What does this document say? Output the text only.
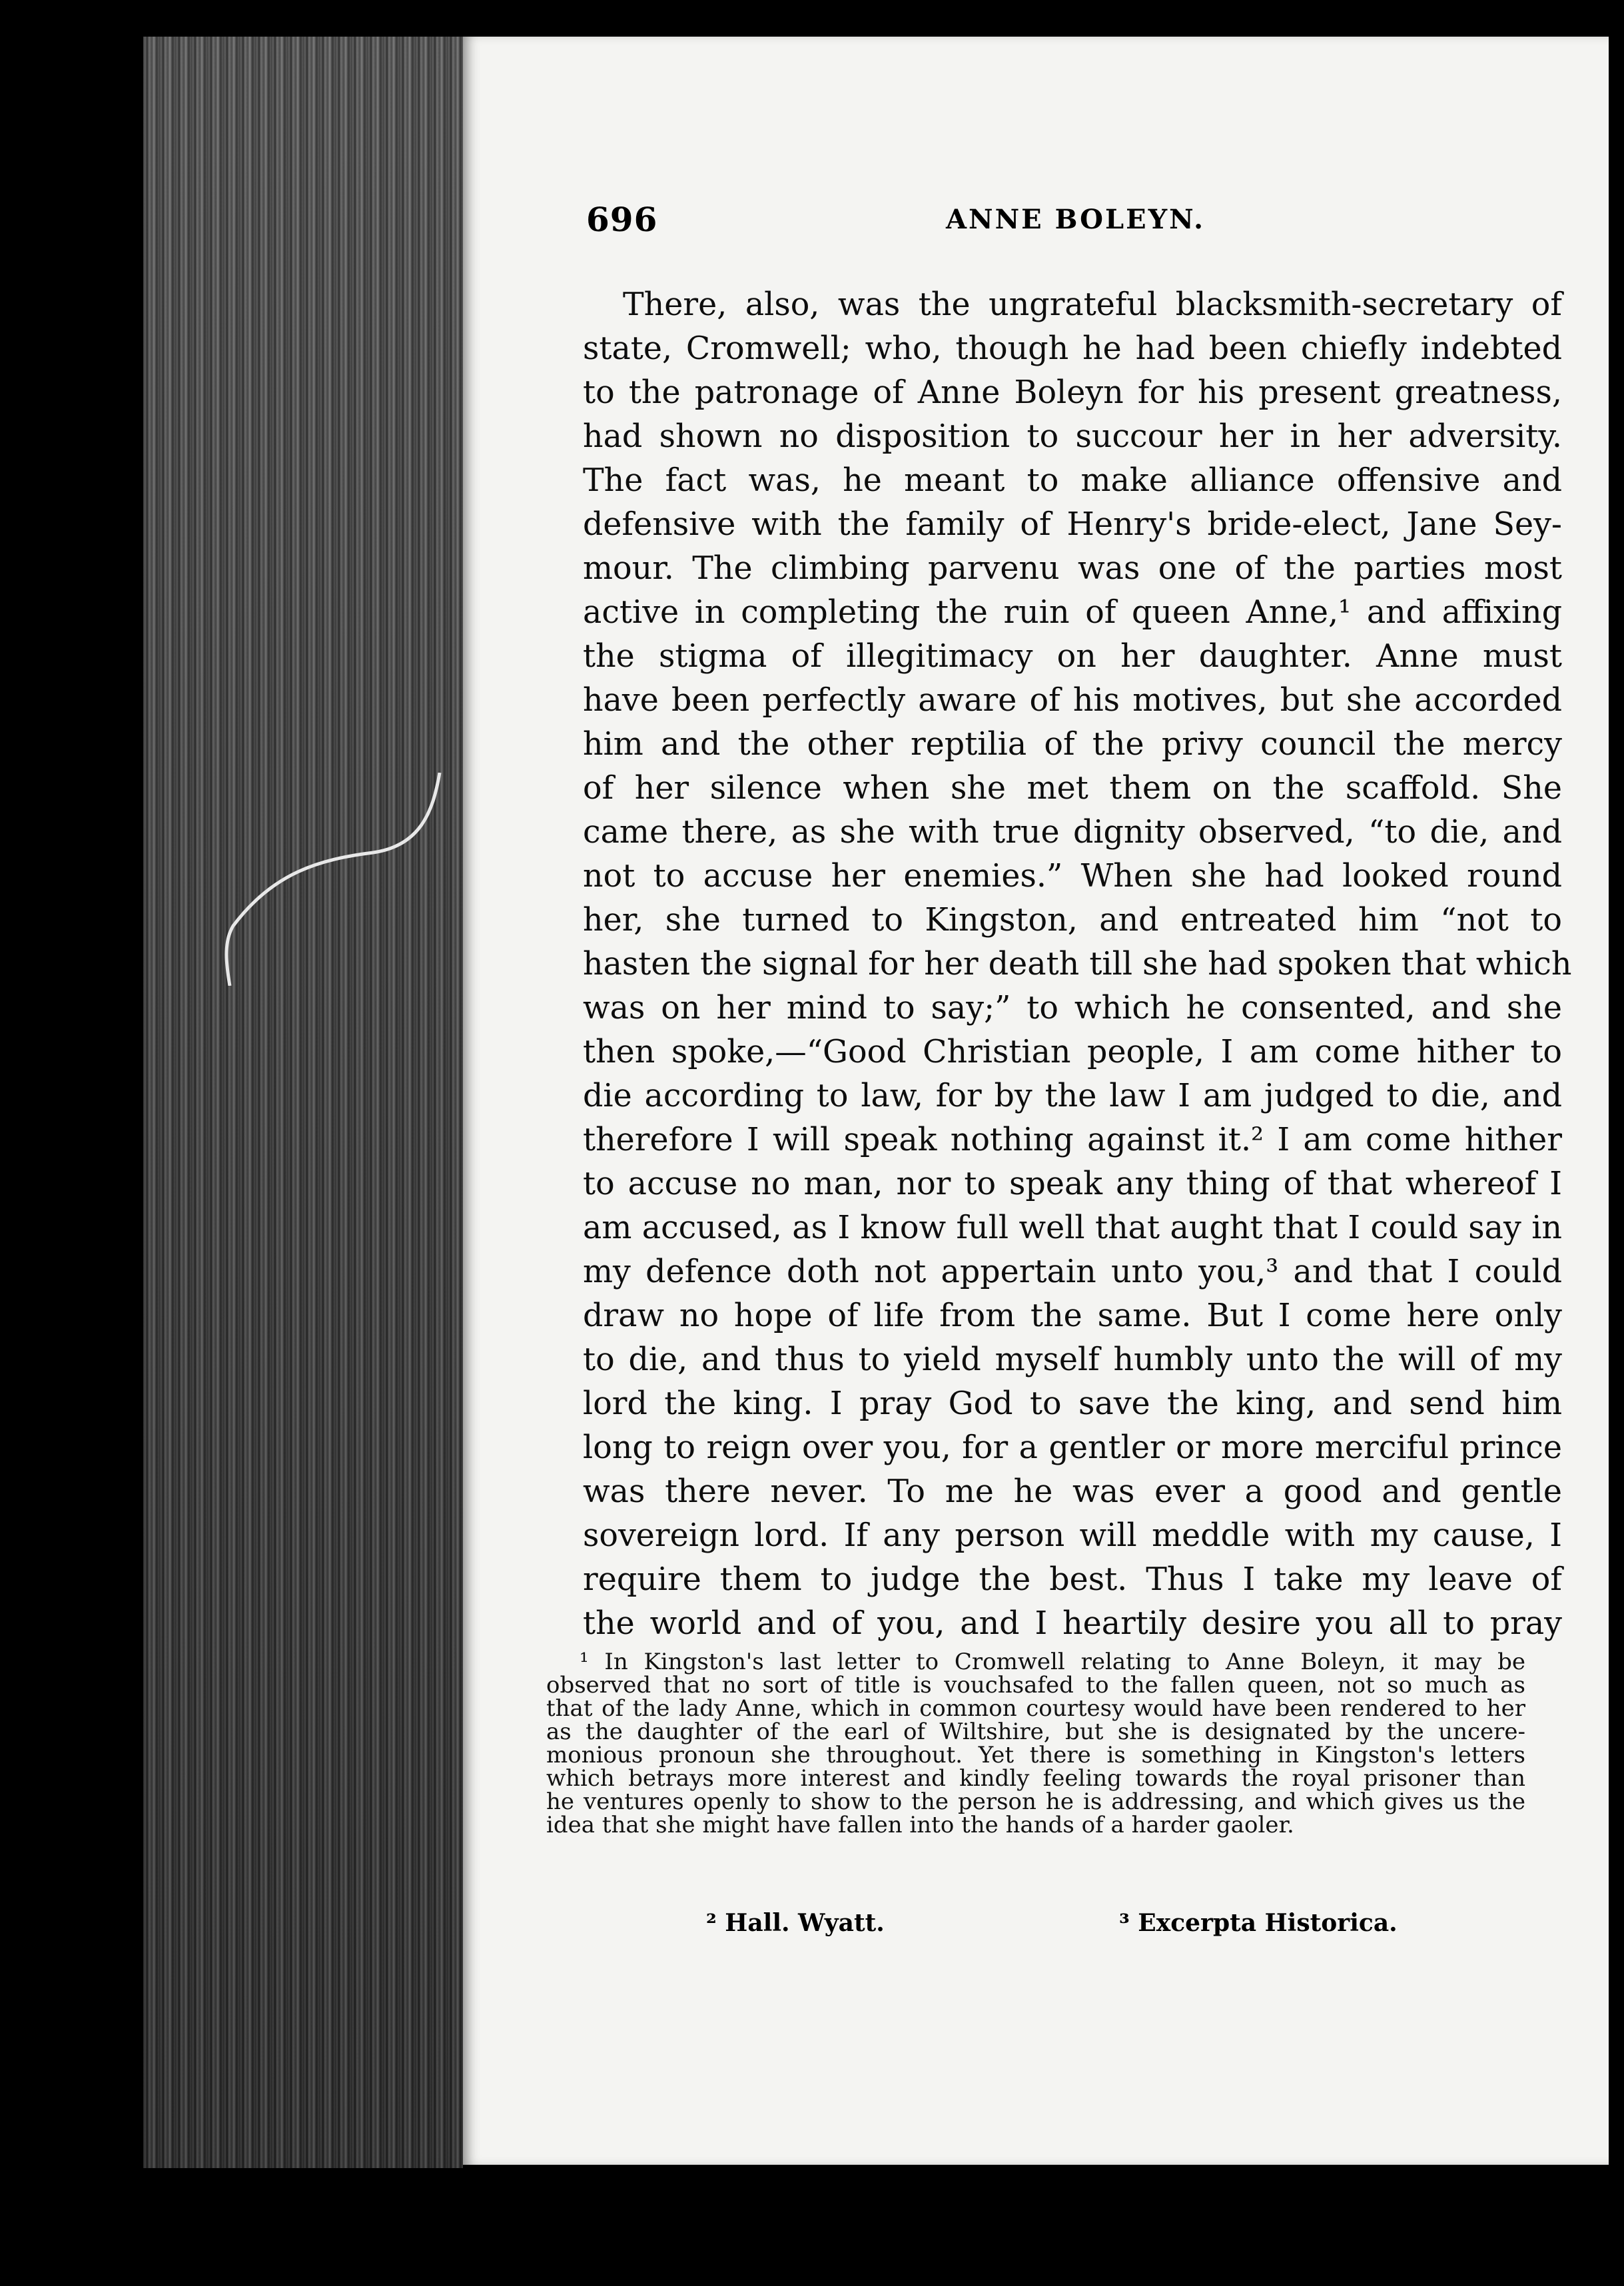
696	ANNE BOLEYN.
There, also, was the ungrateful blacksmith-secretary of
state, Cromwell; who, though he had been chiefly indebted
to the patronage of Anne Boleyn for his present greatness,
had shown no disposition to succour her in her adversity.
The fact was, he meant to make alliance offensive and
defensive with the family of Henry's bride-elect, Jane Sey-
mour. The climbing parvenu was one of the parties most
active in completing the ruin of queen Anne,¹ and affixing
the stigma of illegitimacy on her daughter. Anne must
have been perfectly aware of his motives, but she accorded
him and the other reptilia of the privy council the mercy
of her silence when she met them on the scaffold. She
came there, as she with true dignity observed, “to die, and
not to accuse her enemies.” When she had looked round
her, she turned to Kingston, and entreated him “not to
hasten the signal for her death till she had spoken that which
was on her mind to say;” to which he consented, and she
then spoke,—“Good Christian people, I am come hither to
die according to law, for by the law I am judged to die, and
therefore I will speak nothing against it.² I am come hither
to accuse no man, nor to speak any thing of that whereof I
am accused, as I know full well that aught that I could say in
my defence doth not appertain unto you,³ and that I could
draw no hope of life from the same. But I come here only
to die, and thus to yield myself humbly unto the will of my
lord the king. I pray God to save the king, and send him
long to reign over you, for a gentler or more merciful prince
was there never. To me he was ever a good and gentle
sovereign lord. If any person will meddle with my cause, I
require them to judge the best. Thus I take my leave of
the world and of you, and I heartily desire you all to pray
¹ In Kingston's last letter to Cromwell relating to Anne Boleyn, it may be
observed that no sort of title is vouchsafed to the fallen queen, not so much as
that of the lady Anne, which in common courtesy would have been rendered to her
as the daughter of the earl of Wiltshire, but she is designated by the uncere-
monious pronoun she throughout. Yet there is something in Kingston's letters
which betrays more interest and kindly feeling towards the royal prisoner than
he ventures openly to show to the person he is addressing, and which gives us the
idea that she might have fallen into the hands of a harder gaoler.
² Hall. Wyatt.	³ Excerpta Historica.
